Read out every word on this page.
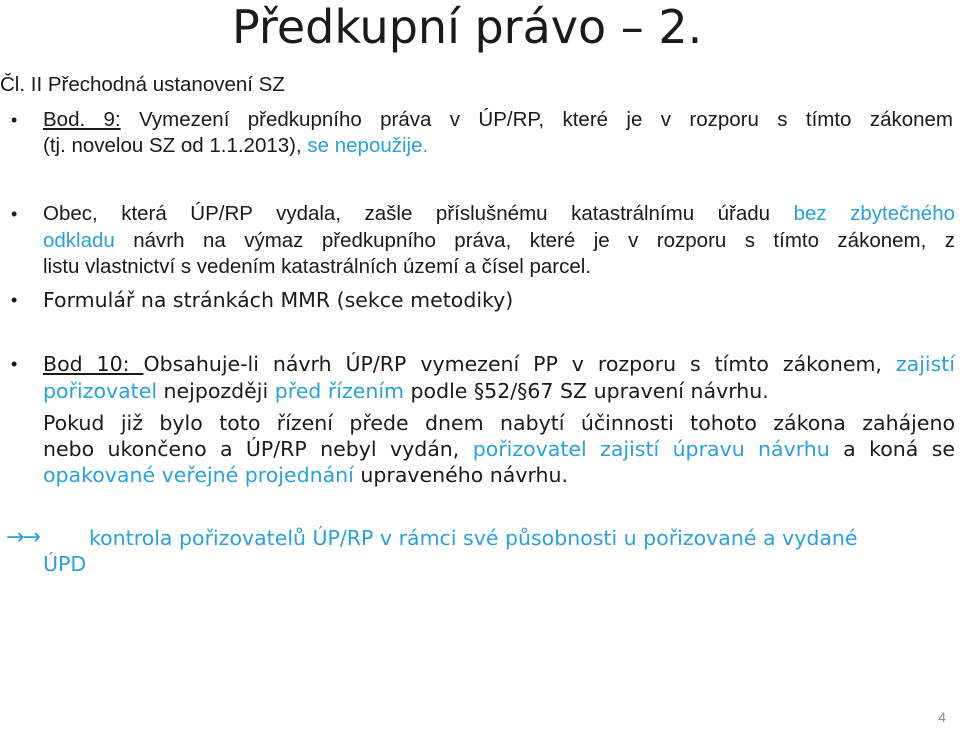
Předkupní právo – 2.
Čl. II Přechodná ustanovení SZ
• Bod. 9: Vymezení předkupního práva v ÚP/RP, které je v rozporu s tímto zákonem
(tj. novelou SZ od 1.1.2013), se nepoužije.
• Obec, která ÚP/RP vydala, zašle příslušnému katastrálnímu úřadu bez zbytečného
odkladu návrh na výmaz předkupního práva, které je v rozporu s tímto zákonem, z
listu vlastnictví s vedením katastrálních území a čísel parcel.
• Formulář na stránkách MMR (sekce metodiky)
• Bod 10: Obsahuje-li návrh ÚP/RP vymezení PP v rozporu s tímto zákonem, zajistí
pořizovatel nejpozději před řízením podle §52/§67 SZ upravení návrhu.
Pokud již bylo toto řízení přede dnem nabytí účinnosti tohoto zákona zahájeno
nebo ukončeno a ÚP/RP nebyl vydán, pořizovatel zajistí úpravu návrhu a koná se
opakované veřejné projednání upraveného návrhu.
→→ kontrola pořizovatelů ÚP/RP v rámci své působnosti u pořizované a vydané
ÚPD
4
